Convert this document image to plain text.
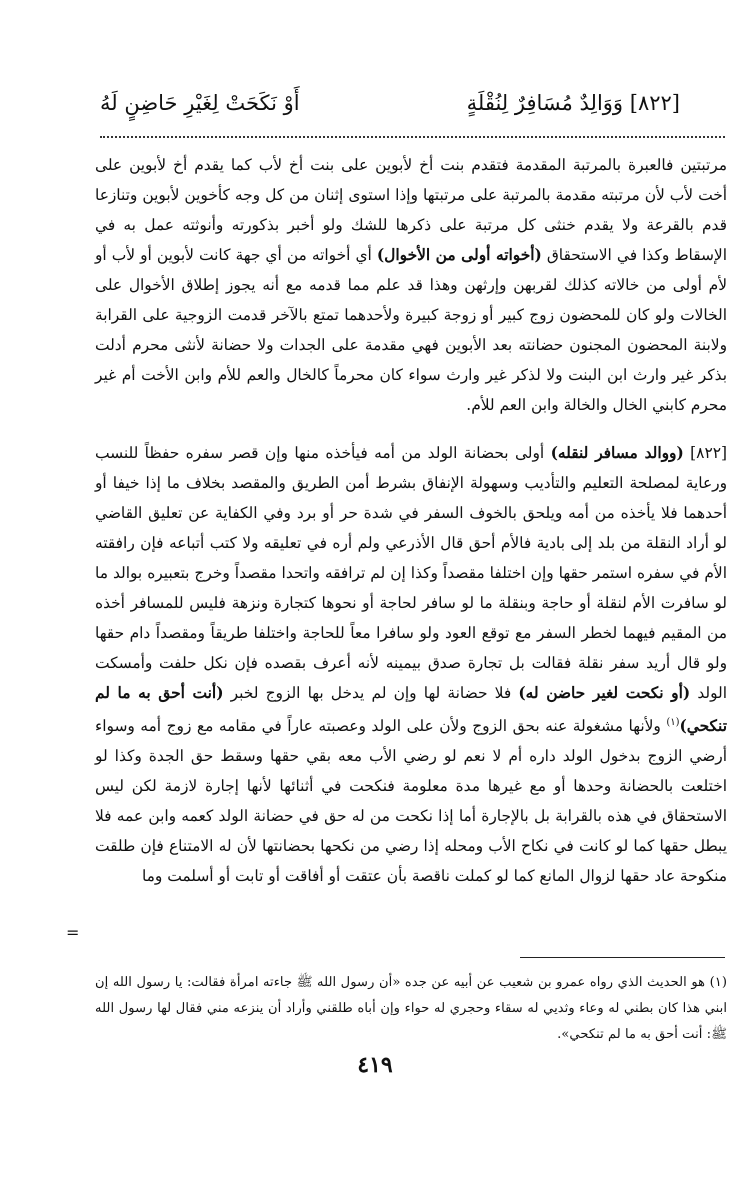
[٨٢٢] وَوَالِدٌ مُسَافِرٌ لِنُقْلَةٍ
أَوْ نَكَحَتْ لِغَيْرِ حَاضِنٍ لَهُ

مرتبتين فالعبرة بالمرتبة المقدمة فتقدم بنت أخ لأبوين على بنت أخ لأب كما يقدم أخ لأبوين على أخت لأب لأن مرتبته مقدمة بالمرتبة على مرتبتها وإذا استوى إثنان من كل وجه كأخوين لأبوين وتنازعا قدم بالقرعة ولا يقدم خنثى كل مرتبة على ذكرها للشك ولو أخبر بذكورته وأنوثته عمل به في الإسقاط وكذا في الاستحقاق (أخواته أولى من الأخوال) أي أخواته من أي جهة كانت لأبوين أو لأب أو لأم أولى من خالاته كذلك لقربهن وإرثهن وهذا قد علم مما قدمه مع أنه يجوز إطلاق الأخوال على الخالات ولو كان للمحضون زوج كبير أو زوجة كبيرة ولأحدهما تمتع بالآخر قدمت الزوجية على القرابة ولابنة المحضون المجنون حضانته بعد الأبوين فهي مقدمة على الجدات ولا حضانة لأنثى محرم أدلت بذكر غير وارث ابن البنت ولا لذكر غير وارث سواء كان محرماً كالخال والعم للأم وابن الأخت أم غير محرم كابني الخال والخالة وابن العم للأم.

[٨٢٢] (ووالد مسافر لنقله) أولى بحضانة الولد من أمه فيأخذه منها وإن قصر سفره حفظاً للنسب ورعاية لمصلحة التعليم والتأديب وسهولة الإنفاق بشرط أمن الطريق والمقصد بخلاف ما إذا خيفا أو أحدهما فلا يأخذه من أمه ويلحق بالخوف السفر في شدة حر أو برد وفي الكفاية عن تعليق القاضي لو أراد النقلة من بلد إلى بادية فالأم أحق قال الأذرعي ولم أره في تعليقه ولا كتب أتباعه فإن رافقته الأم في سفره استمر حقها وإن اختلفا مقصداً وكذا إن لم ترافقه واتحدا مقصداً وخرج بتعبيره بوالد ما لو سافرت الأم لنقلة أو حاجة وبنقلة ما لو سافر لحاجة أو نحوها كتجارة ونزهة فليس للمسافر أخذه من المقيم فيهما لخطر السفر مع توقع العود ولو سافرا معاً للحاجة واختلفا طريقاً ومقصداً دام حقها ولو قال أريد سفر نقلة فقالت بل تجارة صدق بيمينه لأنه أعرف بقصده فإن نكل حلفت وأمسكت الولد (أو نكحت لغير حاضن له) فلا حضانة لها وإن لم يدخل بها الزوج لخبر (أنت أحق به ما لم تنكحي)$^{(١)}$ ولأنها مشغولة عنه بحق الزوج ولأن على الولد وعصبته عاراً في مقامه مع زوج أمه وسواء أرضي الزوج بدخول الولد داره أم لا نعم لو رضي الأب معه بقي حقها وسقط حق الجدة وكذا لو اختلعت بالحضانة وحدها أو مع غيرها مدة معلومة فنكحت في أثنائها لأنها إجارة لازمة لكن ليس الاستحقاق في هذه بالقرابة بل بالإجارة أما إذا نكحت من له حق في حضانة الولد كعمه وابن عمه فلا يبطل حقها كما لو كانت في نكاح الأب ومحله إذا رضي من نكحها بحضانتها لأن له الامتناع فإن طلقت منكوحة عاد حقها لزوال المانع كما لو كملت ناقصة بأن عتقت أو أفاقت أو تابت أو أسلمت وما

=

(١) هو الحديث الذي رواه عمرو بن شعيب عن أبيه عن جده «أن رسول الله ﷺ جاءته امرأة فقالت: يا رسول الله إن ابني هذا كان بطني له وعاء وثديي له سقاء وحجري له حواء وإن أباه طلقني وأراد أن ينزعه مني فقال لها رسول الله ﷺ: أنت أحق به ما لم تنكحي».

٤١٩
